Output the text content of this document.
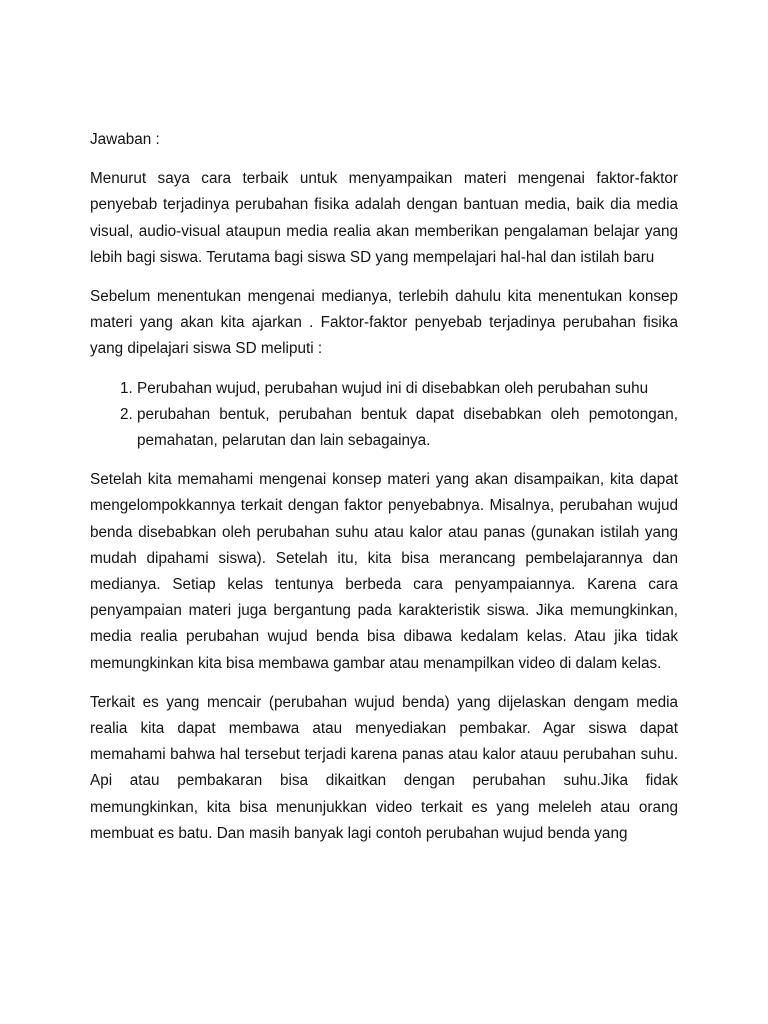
Jawaban :

Menurut saya cara terbaik untuk menyampaikan materi mengenai faktor-faktor penyebab terjadinya perubahan fisika adalah dengan bantuan media, baik dia media visual, audio-visual ataupun media realia akan memberikan pengalaman belajar yang lebih bagi siswa. Terutama bagi siswa SD yang mempelajari hal-hal dan istilah baru

Sebelum menentukan mengenai medianya, terlebih dahulu kita menentukan konsep materi yang akan kita ajarkan . Faktor-faktor penyebab terjadinya perubahan fisika yang dipelajari siswa SD meliputi :

1. Perubahan wujud, perubahan wujud ini di disebabkan oleh perubahan suhu
2. perubahan bentuk, perubahan bentuk dapat disebabkan oleh pemotongan, pemahatan, pelarutan dan lain sebagainya.

Setelah kita memahami mengenai konsep materi yang akan disampaikan, kita dapat mengelompokkannya terkait dengan faktor penyebabnya. Misalnya, perubahan wujud benda disebabkan oleh perubahan suhu atau kalor atau panas (gunakan istilah yang mudah dipahami siswa). Setelah itu, kita bisa merancang pembelajarannya dan medianya. Setiap kelas tentunya berbeda cara penyampaiannya. Karena cara penyampaian materi juga bergantung pada karakteristik siswa. Jika memungkinkan, media realia perubahan wujud benda bisa dibawa kedalam kelas. Atau jika tidak memungkinkan kita bisa membawa gambar atau menampilkan video di dalam kelas.

Terkait es yang mencair (perubahan wujud benda) yang dijelaskan dengam media realia kita dapat membawa atau menyediakan pembakar. Agar siswa dapat memahami bahwa hal tersebut terjadi karena panas atau kalor atauu perubahan suhu. Api atau pembakaran bisa dikaitkan dengan perubahan suhu.Jika fidak memungkinkan, kita bisa menunjukkan video terkait es yang meleleh atau orang membuat es batu. Dan masih banyak lagi contoh perubahan wujud benda yang
